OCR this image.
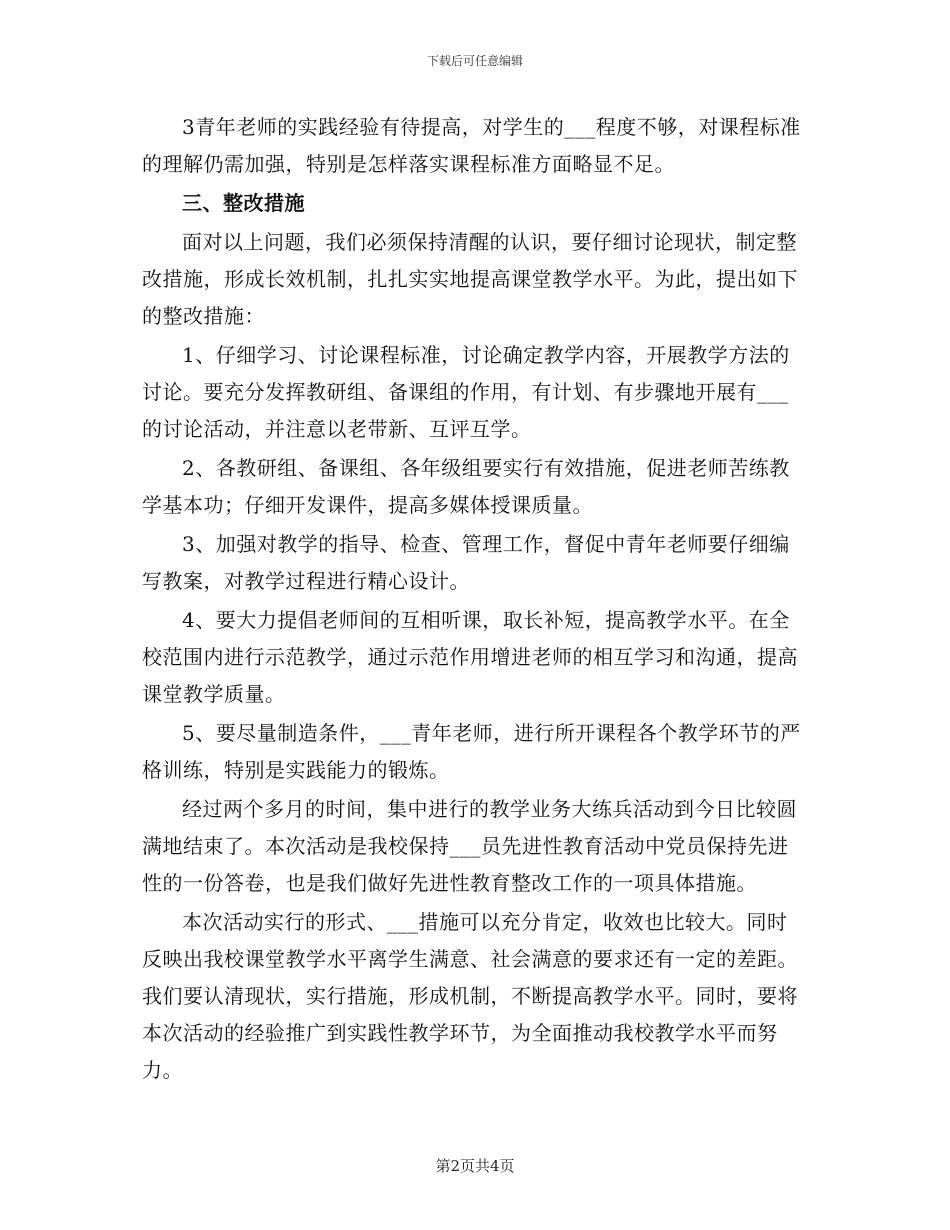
下载后可任意编辑

3青年老师的实践经验有待提高，对学生的___程度不够，对课程标准的理解仍需加强，特别是怎样落实课程标准方面略显不足。

三、整改措施

面对以上问题，我们必须保持清醒的认识，要仔细讨论现状，制定整改措施，形成长效机制，扎扎实实地提高课堂教学水平。为此，提出如下的整改措施：

1、仔细学习、讨论课程标准，讨论确定教学内容，开展教学方法的讨论。要充分发挥教研组、备课组的作用，有计划、有步骤地开展有___的讨论活动，并注意以老带新、互评互学。

2、各教研组、备课组、各年级组要实行有效措施，促进老师苦练教学基本功；仔细开发课件，提高多媒体授课质量。

3、加强对教学的指导、检查、管理工作，督促中青年老师要仔细编写教案，对教学过程进行精心设计。

4、要大力提倡老师间的互相听课，取长补短，提高教学水平。在全校范围内进行示范教学，通过示范作用增进老师的相互学习和沟通，提高课堂教学质量。

5、要尽量制造条件，___青年老师，进行所开课程各个教学环节的严格训练，特别是实践能力的锻炼。

经过两个多月的时间，集中进行的教学业务大练兵活动到今日比较圆满地结束了。本次活动是我校保持___员先进性教育活动中党员保持先进性的一份答卷，也是我们做好先进性教育整改工作的一项具体措施。

本次活动实行的形式、___措施可以充分肯定，收效也比较大。同时反映出我校课堂教学水平离学生满意、社会满意的要求还有一定的差距。我们要认清现状，实行措施，形成机制，不断提高教学水平。同时，要将本次活动的经验推广到实践性教学环节，为全面推动我校教学水平而努力。

第2页共4页
